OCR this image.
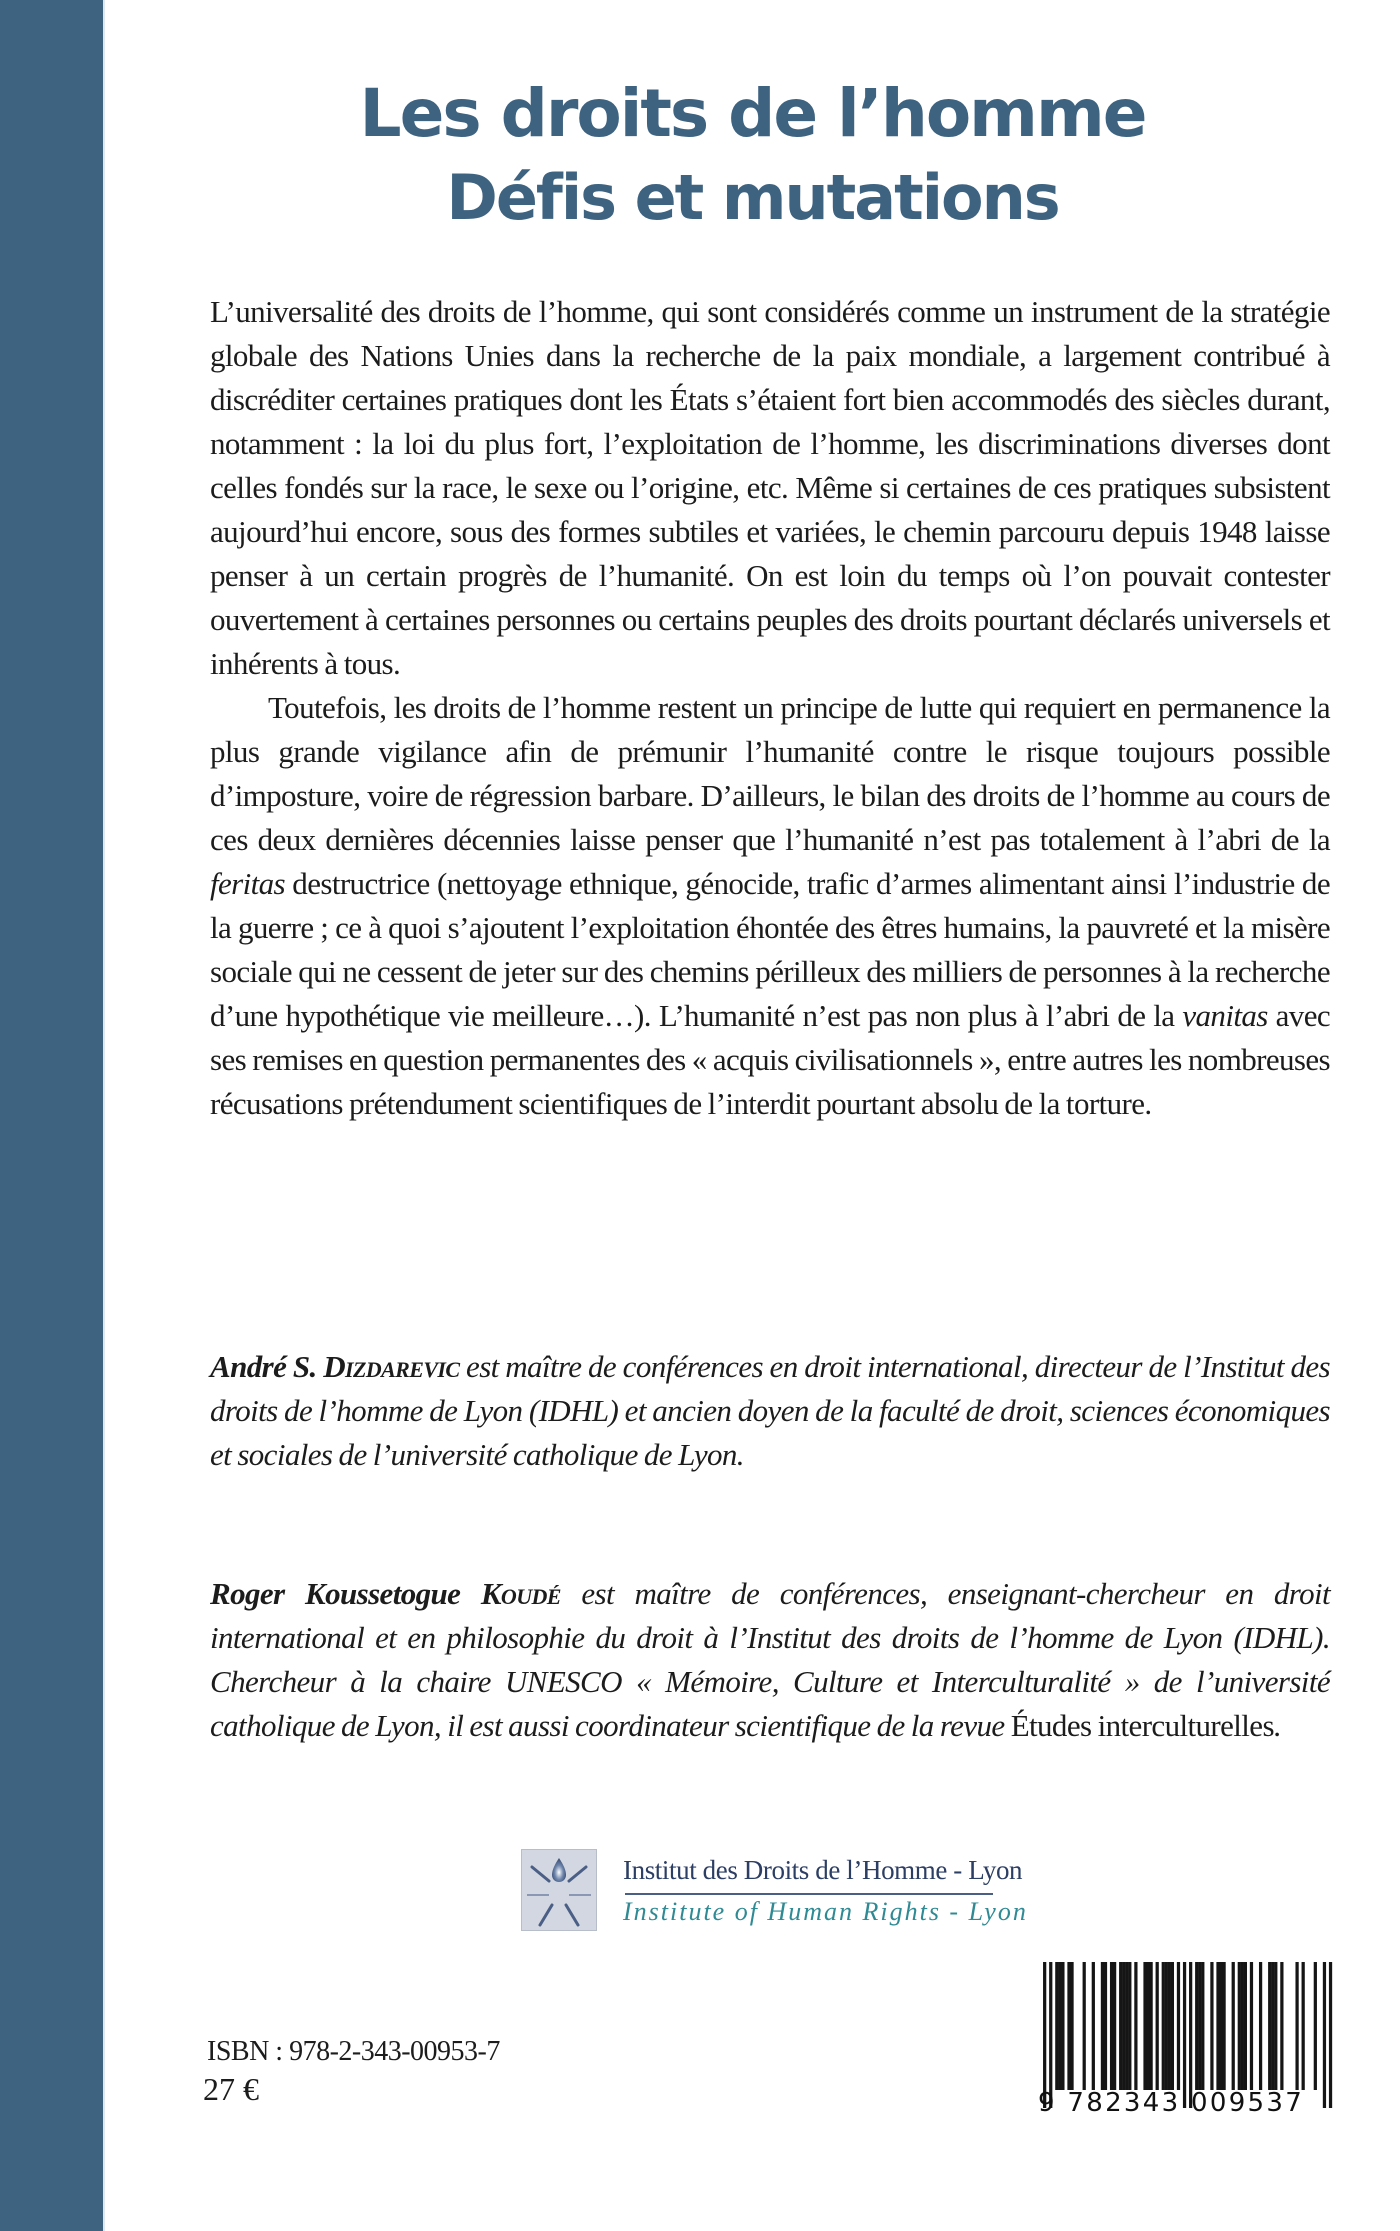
Les droits de l’homme
Défis et mutations

L’universalité des droits de l’homme, qui sont considérés comme un instrument de la stratégie globale des Nations Unies dans la recherche de la paix mondiale, a largement contribué à discréditer certaines pratiques dont les États s’étaient fort bien accommodés des siècles durant, notamment : la loi du plus fort, l’exploitation de l’homme, les discriminations diverses dont celles fondés sur la race, le sexe ou l’origine, etc. Même si certaines de ces pratiques subsistent aujourd’hui encore, sous des formes subtiles et variées, le chemin parcouru depuis 1948 laisse penser à un certain progrès de l’humanité. On est loin du temps où l’on pouvait contester ouvertement à certaines personnes ou certains peuples des droits pourtant déclarés universels et inhérents à tous.

Toutefois, les droits de l’homme restent un principe de lutte qui requiert en permanence la plus grande vigilance afin de prémunir l’humanité contre le risque toujours possible d’imposture, voire de régression barbare. D’ailleurs, le bilan des droits de l’homme au cours de ces deux dernières décennies laisse penser que l’humanité n’est pas totalement à l’abri de la feritas destructrice (nettoyage ethnique, génocide, trafic d’armes alimentant ainsi l’industrie de la guerre ; ce à quoi s’ajoutent l’exploitation éhontée des êtres humains, la pauvreté et la misère sociale qui ne cessent de jeter sur des chemins périlleux des milliers de personnes à la recherche d’une hypothétique vie meilleure…). L’humanité n’est pas non plus à l’abri de la vanitas avec ses remises en question permanentes des « acquis civilisationnels », entre autres les nombreuses récusations prétendument scientifiques de l’interdit pourtant absolu de la torture.

André S. Dizdarevic est maître de conférences en droit international, directeur de l’Institut des droits de l’homme de Lyon (IDHL) et ancien doyen de la faculté de droit, sciences économiques et sociales de l’université catholique de Lyon.

Roger Koussetogue Koudé est maître de conférences, enseignant-chercheur en droit international et en philosophie du droit à l’Institut des droits de l’homme de Lyon (IDHL). Chercheur à la chaire UNESCO « Mémoire, Culture et Interculturalité » de l’université catholique de Lyon, il est aussi coordinateur scientifique de la revue Études interculturelles.

Institut des Droits de l’Homme - Lyon
Institute of Human Rights - Lyon
ISBN : 978-2-343-00953-7
27 €	9 782343 009537
